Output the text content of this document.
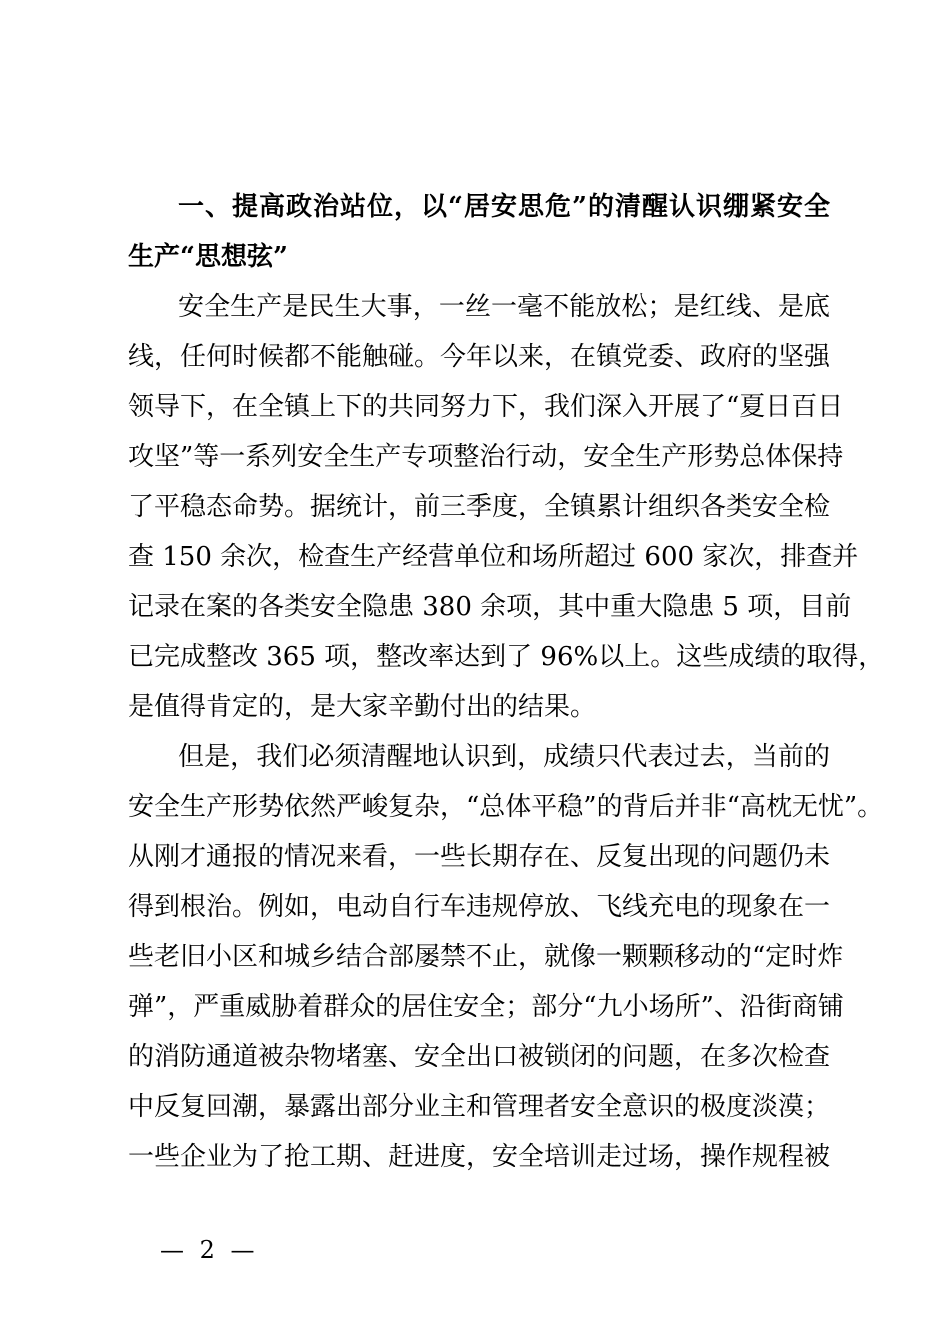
一、提高政治站位，以“居安思危”的清醒认识绷紧安全
生产“思想弦”
安全生产是民生大事，一丝一毫不能放松；是红线、是底
线，任何时候都不能触碰。今年以来，在镇党委、政府的坚强
领导下，在全镇上下的共同努力下，我们深入开展了“夏日百日
攻坚”等一系列安全生产专项整治行动，安全生产形势总体保持
了平稳态命势。据统计，前三季度，全镇累计组织各类安全检
查 150 余次，检查生产经营单位和场所超过 600 家次，排查并
记录在案的各类安全隐患 380 余项，其中重大隐患 5 项，目前
已完成整改 365 项，整改率达到了 96%以上。这些成绩的取得，
是值得肯定的，是大家辛勤付出的结果。
但是，我们必须清醒地认识到，成绩只代表过去，当前的
安全生产形势依然严峻复杂，“总体平稳”的背后并非“高枕无忧”。
从刚才通报的情况来看，一些长期存在、反复出现的问题仍未
得到根治。例如，电动自行车违规停放、飞线充电的现象在一
些老旧小区和城乡结合部屡禁不止，就像一颗颗移动的“定时炸
弹”，严重威胁着群众的居住安全；部分“九小场所”、沿街商铺
的消防通道被杂物堵塞、安全出口被锁闭的问题，在多次检查
中反复回潮，暴露出部分业主和管理者安全意识的极度淡漠；
一些企业为了抢工期、赶进度，安全培训走过场，操作规程被
— 2 —
